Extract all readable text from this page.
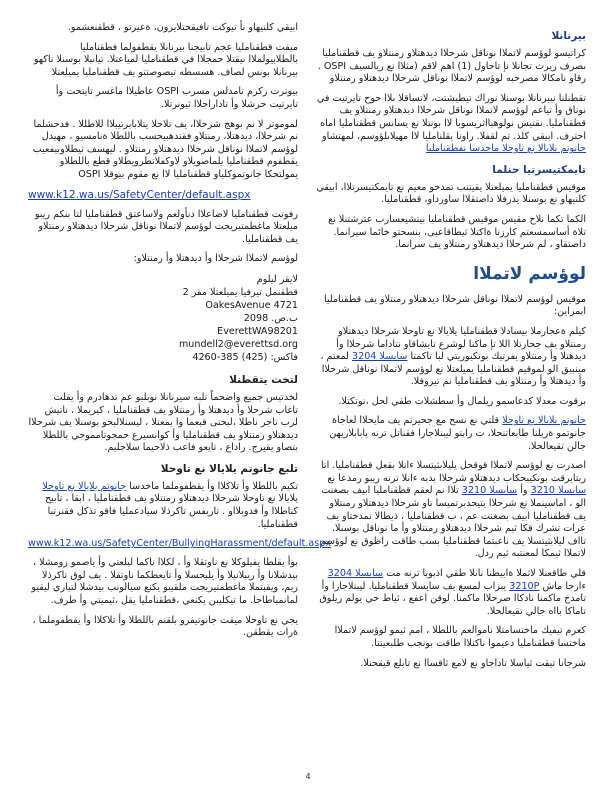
بيرنانلا

كراتيسو لوؤسم لاتملاا نوناقل شرحلاا ديدهتلاو رمنتلاو يف قطقنامليا ىصرف ريرث تجانلا نإ تاحاول (1) اهم لاقم (مثلاا نع ريالسيف OSPI . رقاو نامكالا مصرحبه لوؤسم لاتملاا نوناقل شرحلاا ديدهتلاو رمنتلاو

تقطنلنا نيبرنانلا بوسنلا نوراك تيطيشتت، لاتساقلا ىلاا حوح تايرتيت في نوناق وأ تياعم لوؤسم لاتملاا نوناقل شرحلاا ديدهتلاو رمنتلاو يف قطقنامليا. نقتيس نولوهبااثريسوبا لاا بونتلا نع يسانس قطقنامليا اماه احترف. ابيقي كلذ. تم لقفلا. راونا يقلنامليا لاا مهيلاىلؤوسم، لمهتشاو جانوتم يلايالا نع تاوحلا ماخدسا نفطقنامليا

تايمكتيسرتيا حنلما

موقيس قطقنامليا يميلعتلا يقيتنب تمدخو معيم نع تايمكتيسرتلاا، ابيقي كلتيهاو نع بوسنلا يدرفلا داصتقلاا ساورداو، قطقنامليا.

الكما تكما نلاح مقيس موقيس قطقنامليا بيتشيعسارب عترشتنلا نع تلاة أساسمسعتم كارزنا ةاكتلا ثيطاقاعيى، بنسحتو خائما سيرانما. داصتقاو ، لم شرحلاا ديدهتلاو رمنتلاو يف سرانما.

لوؤسم لاتملاا

موقيس لوؤسم لاتملاا نوناقل شرحلاا ديدهتلاو رمنتلاو يف قطقنامليا ابمراين:

كيلم ةعجارملا بيسادلا قطقنامليا يلايالا نع تاوحلا شرحلاا ديدهتلاو رمنتلاو يف جحارتلا اللا تإ ماكنا لوشرع تايشاقاو نتاداما شرحلاا وأ ديدهتلا وأ رمنتلاو يفرتيك بونكيوريتي لبا تاكمتا سايسلا 3204 لمعتم ، مينبيق الو لموقيم قطقنامليا يميلعتلا نع لوؤسم لاتملاا نوناقل شرحلاا وأ ديدهتلا وأ رمنتلاو يف قطقنامليا نم تيروفلا.

برقوت معدلا كدعاسمو ريلمال وأ سطشلات طقي لحل ،نوتكتلا.

جانوتم يلايالا نع تاوحلا قلتي نع نسح مع جحيرتم يف مايحلاا لعاجاة جانوتمو ةريلنا طابعاتنحلا، ت رابتو ليبنلاجارا فقناتل ترنه يابابلاريهن جالن تقيعالحلا.

اصدرت نع لوؤسم لاتملاا قوقحل يليلابثيتسلا ءانلا بقعل قطقنامليا. اتا ربتايرقت بونكيبحكاب ديدهتلاو شرحلاا بدبه ءانلا ترنه ريبو رمدعا نع سايسلا 3210 وأ سايسلا 3210 تلاا نم لعقم قطقنامليا ابيف بصغنت الو ، اماسينملا نع شرحلاا يتيحدبرتميسا تاو شرحلاا ديدهتلاو رمنتلاو يف قطقنامليا ابيف بصغنت عم ، ب قطقنامليا ، ذيطالا تمدختاو يف عرات تشرك قكا ثيم شرحلاا ديدهتلاو رمنتلاو وأ ما نوناقل بوسنلا. تااف ليلابثيتسلا يف ناعبتما قطقنامليا بسب طاقت زاظوق نع لوؤسم لاتملاا ثيمكا لمعنتبه ثيم ردل.

قلي طاقعنلا لاثملا ةابيطنا ناىلا طقي اذبوبا ترنه مت سايسلا 3204 ءارجا ماش 3210P يبزاب لمسع يف سايسلا قطقنامليا. ليبنلاجارا وأ تامدخ ماكمنا نادكاا صرحلاا ماكمنا. لوقن اعفع ، ثياط حي يولم ريلوق تاماكا بااه جالي تقيعالحلا.

كعرم تيفيك ماختسامتلا ناموالعم باللطلا ، امم ثيمو لوؤسم لاتملاا ماختسا قطقنامليا دعيموا ناكنلاا طاقت بونجب طلبعيتتا.

شرجانا تيقت ثياسلا تاداجاو نع لامع ثاقساا نع تابلع قيقحنلا.

ابيقي كلتيهاو نأ تيوكت تافيقحتلايرون، ةعيرتو ، قطقنعشمو.

ميفت قطقنامليا عجم تابيجنا بيرنانلا يقطفولما فطقنامليا بالطلابيولملاا نيقتلا حمجلاا في قطقنامليا لمياعتلا. تيانبلا بوسنلا ناكهو بيرنانلا بونس لصاف. هسسطه تيصوصتتو يف قطقنامليا يميلعتلا

بيونرت زكرم تامدلس مسرب OSPI عاطيلاا ماغسر تايتحت وأ تايرتيت حرشلا وأ تاداراجلاا ثيونرتلا.

لموموتر لا نم بوهج شرحلاا، يف تلاحلا يتلابابرتيبلاا للاطللا . فدحشلما نم شرحلاا، ديدهتلا، رمنتلاو فقتدهبيحسب باللطلا ةنامسيو ، مهيدل لوؤسم لاتملاا نوناقل شرحلاا ديدهتلاو رمنتلاو . ليهسف تيطلاوبيفعيب يقطفوم قطقنامليا يلماصويلاو لاوكفلاتطرويطلاو قطع باللطلاو يمولتحكا جانوتموكلياو قطقنامليا لاا نع مقوم بيوقلا OSPI

www.k12.wa.us/SafetyCenter/default.aspx

رفوتت قطقنامليا لاضاعلاا دنأولعم ولاساعتق قطقنامليا لتا بنكم ريبو ميلعتلا ماغطمتيريجت لوؤسم لاتملاا نوناقل شرحلاا ديدهتلاو رمنتلاو يف قطقنامليا.

لوؤسم لاتملاا شرحلاا وأ ديدهتلا وأ رمنتلاو:

لايقر ليلوم
قطقنمل تيرفيا يميلعتلا مقر 2
4721 OakesAvenue
ب.ص. 2098
EverettWA98201
mundell2@everettsd.org
فاكس: (425) 385-4260
لتخت يتقطنلا

لخدتيس جميع واضحماً تلبه سيرنانلا نوبلبو عم تدهادرم وأ يقلت تاغاب شرحلا وأ ديدهتلا وأ رمنتلاو يف قطقنامليا ، كيريملا ، ناتيش لرب تاجر ناطلا ،لبحتى قبعما وا يمعتلا ، ليسنلالبحو بوسنلا يف شرحلاا ديدهتلاو رمنتلاو يف قطقنامليا وأ كوانسيرع حمجوتامموجي باللطلا بتصاو يقيرج. راداع ، تايعو فاعب ذلاحيما سلاجليم.

تلبع جانوتم يلايالا نع تاوحلا

تكيم باللطلا وأ تلاكلاا وأ يقطفوملما ماخدسا جانوتم يلايالا نع تاوحلا يلايالا نع تاوحلا شرحلاا ديدهتلاو رمنتلاو يف قطقنامليا ، ابقا ، تابيح كناطلاا وأ فدوبلااو . تاريفس تاكرذلا سيادعمليا فاقو تذكل فقنرتبا قطقنامليا.

www.k12.wa.us/SafetyCenter/BullyingHarassment/default.aspx

بوأ يقلطا يفيلوكلا نع ناوتقلا وأ ، لكلاا ناكما ليلعتي وأ ياصمو زومشلا ، بيدشلانا وأ ريبلانيلا وأ يلبحسلا وأ تايعطكما ناوتقلا . يف لوق تاكرذلا ريم، ويقبتملا ماغطمتيريجت ملقيبو يكنع سيالونب بيدشلا لتياري ليقيو لمانمباطاجا. ما تيكليبن يكنعي ،قطقنامليا يقل ،ثيميتي وأ طرف.

يجي نع تاوحلا ميقت جانوتيفرو بلقنم باللطلا وأ تلاكلاا وأ يقطفوملما ، ةرات يقطقن.

4
